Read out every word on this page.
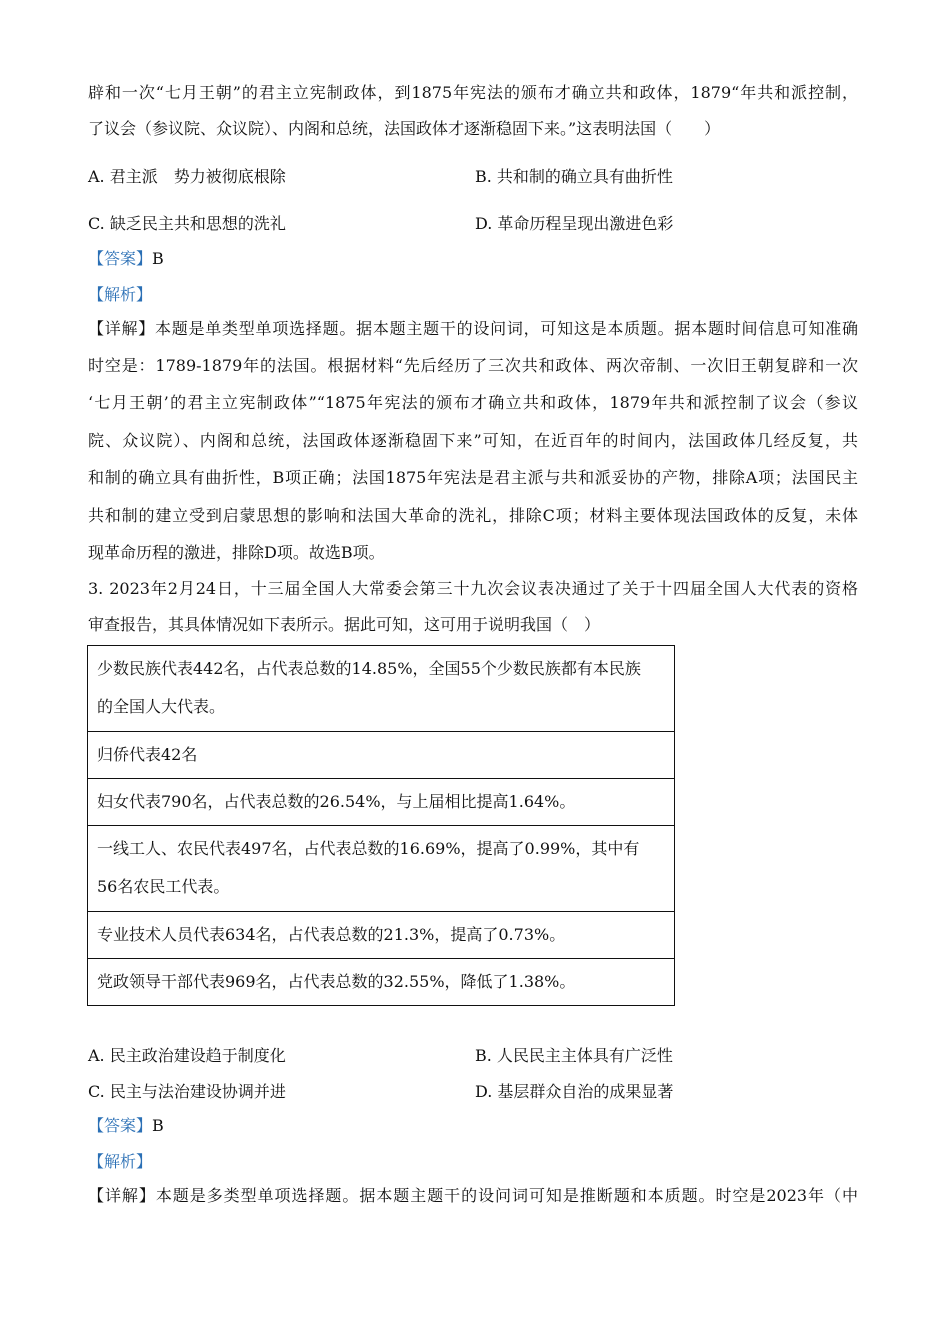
辟和一次“七月王朝”的君主立宪制政体，到1875年宪法的颁布才确立共和政体，1879“年共和派控制，
了议会（参议院、众议院）、内阁和总统，法国政体才逐渐稳固下来。”这表明法国（　　）
A. 君主派　势力被彻底根除	B. 共和制的确立具有曲折性
C. 缺乏民主共和思想的洗礼	D. 革命历程呈现出激进色彩
【答案】B
【解析】
【详解】本题是单类型单项选择题。据本题主题干的设问词，可知这是本质题。据本题时间信息可知准确
时空是：1789-1879年的法国。根据材料“先后经历了三次共和政体、两次帝制、一次旧王朝复辟和一次
‘七月王朝’的君主立宪制政体”“1875年宪法的颁布才确立共和政体，1879年共和派控制了议会（参议
院、众议院）、内阁和总统，法国政体逐渐稳固下来”可知，在近百年的时间内，法国政体几经反复，共
和制的确立具有曲折性，B项正确；法国1875年宪法是君主派与共和派妥协的产物，排除A项；法国民主
共和制的建立受到启蒙思想的影响和法国大革命的洗礼，排除C项；材料主要体现法国政体的反复，未体
现革命历程的激进，排除D项。故选B项。
3. 2023年2月24日，十三届全国人大常委会第三十九次会议表决通过了关于十四届全国人大代表的资格
审查报告，其具体情况如下表所示。据此可知，这可用于说明我国（　）
少数民族代表442名，占代表总数的14.85%，全国55个少数民族都有本民族
的全国人大代表。
归侨代表42名
妇女代表790名，占代表总数的26.54%，与上届相比提高1.64%。
一线工人、农民代表497名，占代表总数的16.69%，提高了0.99%，其中有
56名农民工代表。
专业技术人员代表634名，占代表总数的21.3%，提高了0.73%。
党政领导干部代表969名，占代表总数的32.55%，降低了1.38%。
A. 民主政治建设趋于制度化	B. 人民民主主体具有广泛性
C. 民主与法治建设协调并进	D. 基层群众自治的成果显著
【答案】B
【解析】
【详解】本题是多类型单项选择题。据本题主题干的设问词可知是推断题和本质题。时空是2023年（中
